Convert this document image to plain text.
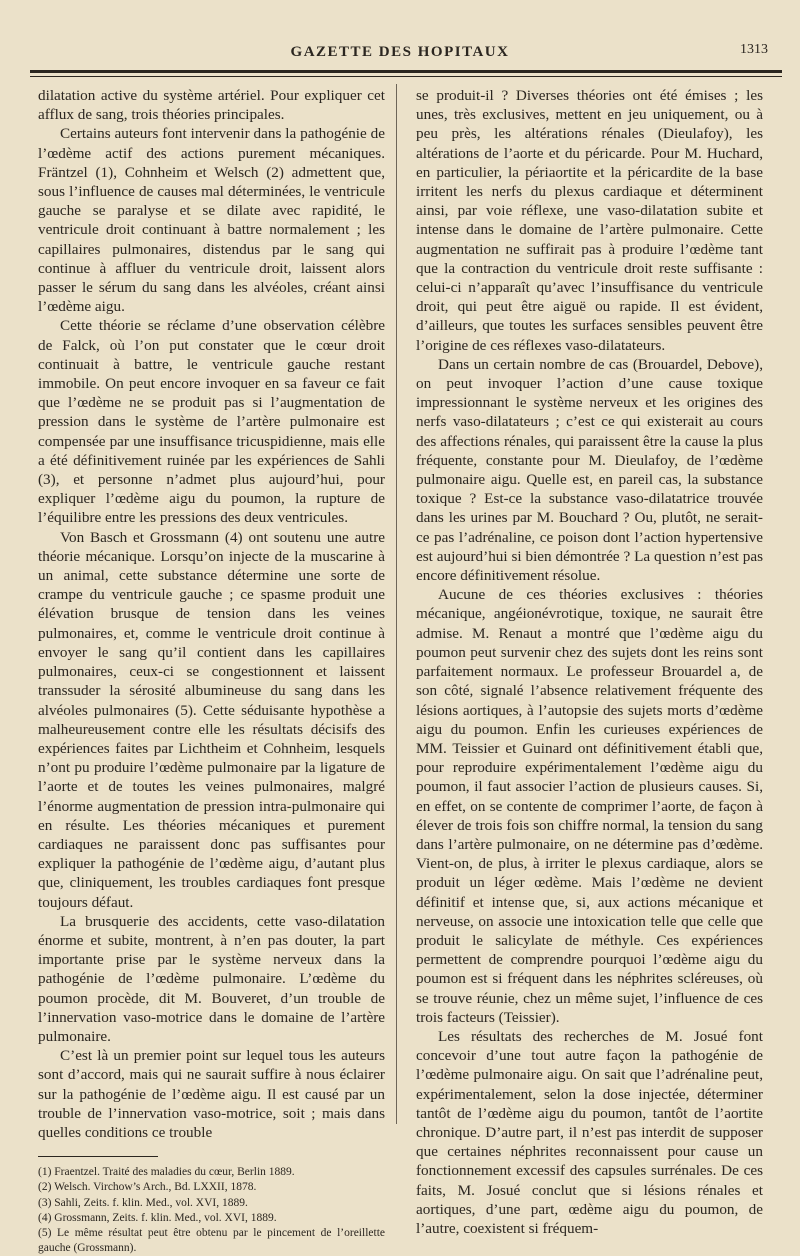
GAZETTE DES HOPITAUX	1313

dilatation active du système artériel. Pour expliquer cet afflux de sang, trois théories principales.

Certains auteurs font intervenir dans la pathogénie de l’œdème actif des actions purement mécaniques. Fräntzel (1), Cohnheim et Welsch (2) admettent que, sous l’influence de causes mal déterminées, le ventricule gauche se paralyse et se dilate avec rapidité, le ventricule droit continuant à battre normalement ; les capillaires pulmonaires, distendus par le sang qui continue à affluer du ventricule droit, laissent alors passer le sérum du sang dans les alvéoles, créant ainsi l’œdème aigu.

Cette théorie se réclame d’une observation célèbre de Falck, où l’on put constater que le cœur droit continuait à battre, le ventricule gauche restant immobile. On peut encore invoquer en sa faveur ce fait que l’œdème ne se produit pas si l’augmentation de pression dans le système de l’artère pulmonaire est compensée par une insuffisance tricuspidienne, mais elle a été définitivement ruinée par les expériences de Sahli (3), et personne n’admet plus aujourd’hui, pour expliquer l’œdème aigu du poumon, la rupture de l’équilibre entre les pressions des deux ventricules.

Von Basch et Grossmann (4) ont soutenu une autre théorie mécanique. Lorsqu’on injecte de la muscarine à un animal, cette substance détermine une sorte de crampe du ventricule gauche ; ce spasme produit une élévation brusque de tension dans les veines pulmonaires, et, comme le ventricule droit continue à envoyer le sang qu’il contient dans les capillaires pulmonaires, ceux-ci se congestionnent et laissent transsuder la sérosité albumineuse du sang dans les alvéoles pulmonaires (5). Cette séduisante hypothèse a malheureusement contre elle les résultats décisifs des expériences faites par Lichtheim et Cohnheim, lesquels n’ont pu produire l’œdème pulmonaire par la ligature de l’aorte et de toutes les veines pulmonaires, malgré l’énorme augmentation de pression intra-pulmonaire qui en résulte. Les théories mécaniques et purement cardiaques ne paraissent donc pas suffisantes pour expliquer la pathogénie de l’œdème aigu, d’autant plus que, cliniquement, les troubles cardiaques font presque toujours défaut.

La brusquerie des accidents, cette vaso-dilatation énorme et subite, montrent, à n’en pas douter, la part importante prise par le système nerveux dans la pathogénie de l’œdème pulmonaire. L’œdème du poumon procède, dit M. Bouveret, d’un trouble de l’innervation vaso-motrice dans le domaine de l’artère pulmonaire.

C’est là un premier point sur lequel tous les auteurs sont d’accord, mais qui ne saurait suffire à nous éclairer sur la pathogénie de l’œdème aigu. Il est causé par un trouble de l’innervation vaso-motrice, soit ; mais dans quelles conditions ce trouble

(1) Fraentzel. Traité des maladies du cœur, Berlin 1889.

(2) Welsch. Virchow’s Arch., Bd. LXXII, 1878.

(3) Sahli, Zeits. f. klin. Med., vol. XVI, 1889.

(4) Grossmann, Zeits. f. klin. Med., vol. XVI, 1889.

(5) Le même résultat peut être obtenu par le pincement de l’oreillette gauche (Grossmann).

se produit-il ? Diverses théories ont été émises ; les unes, très exclusives, mettent en jeu uniquement, ou à peu près, les altérations rénales (Dieulafoy), les altérations de l’aorte et du péricarde. Pour M. Huchard, en particulier, la périaortite et la péricardite de la base irritent les nerfs du plexus cardiaque et déterminent ainsi, par voie réflexe, une vaso-dilatation subite et intense dans le domaine de l’artère pulmonaire. Cette augmentation ne suffirait pas à produire l’œdème tant que la contraction du ventricule droit reste suffisante : celui-ci n’apparaît qu’avec l’insuffisance du ventricule droit, qui peut être aiguë ou rapide. Il est évident, d’ailleurs, que toutes les surfaces sensibles peuvent être l’origine de ces réflexes vaso-dilatateurs.

Dans un certain nombre de cas (Brouardel, Debove), on peut invoquer l’action d’une cause toxique impressionnant le système nerveux et les origines des nerfs vaso-dilatateurs ; c’est ce qui existerait au cours des affections rénales, qui paraissent être la cause la plus fréquente, constante pour M. Dieulafoy, de l’œdème pulmonaire aigu. Quelle est, en pareil cas, la substance toxique ? Est-ce la substance vaso-dilatatrice trouvée dans les urines par M. Bouchard ? Ou, plutôt, ne serait-ce pas l’adrénaline, ce poison dont l’action hypertensive est aujourd’hui si bien démontrée ? La question n’est pas encore définitivement résolue.

Aucune de ces théories exclusives : théories mécanique, angéionévrotique, toxique, ne saurait être admise. M. Renaut a montré que l’œdème aigu du poumon peut survenir chez des sujets dont les reins sont parfaitement normaux. Le professeur Brouardel a, de son côté, signalé l’absence relativement fréquente des lésions aortiques, à l’autopsie des sujets morts d’œdème aigu du poumon. Enfin les curieuses expériences de MM. Teissier et Guinard ont définitivement établi que, pour reproduire expérimentalement l’œdème aigu du poumon, il faut associer l’action de plusieurs causes. Si, en effet, on se contente de comprimer l’aorte, de façon à élever de trois fois son chiffre normal, la tension du sang dans l’artère pulmonaire, on ne détermine pas d’œdème. Vient-on, de plus, à irriter le plexus cardiaque, alors se produit un léger œdème. Mais l’œdème ne devient définitif et intense que, si, aux actions mécanique et nerveuse, on associe une intoxication telle que celle que produit le salicylate de méthyle. Ces expériences permettent de comprendre pourquoi l’œdème aigu du poumon est si fréquent dans les néphrites scléreuses, où se trouve réunie, chez un même sujet, l’influence de ces trois facteurs (Teissier).

Les résultats des recherches de M. Josué font concevoir d’une tout autre façon la pathogénie de l’œdème pulmonaire aigu. On sait que l’adrénaline peut, expérimentalement, selon la dose injectée, déterminer tantôt de l’œdème aigu du poumon, tantôt de l’aortite chronique. D’autre part, il n’est pas interdit de supposer que certaines néphrites reconnaissent pour cause un fonctionnement excessif des capsules surrénales. De ces faits, M. Josué conclut que si lésions rénales et aortiques, d’une part, œdème aigu du poumon, de l’autre, coexistent si fréquem-
